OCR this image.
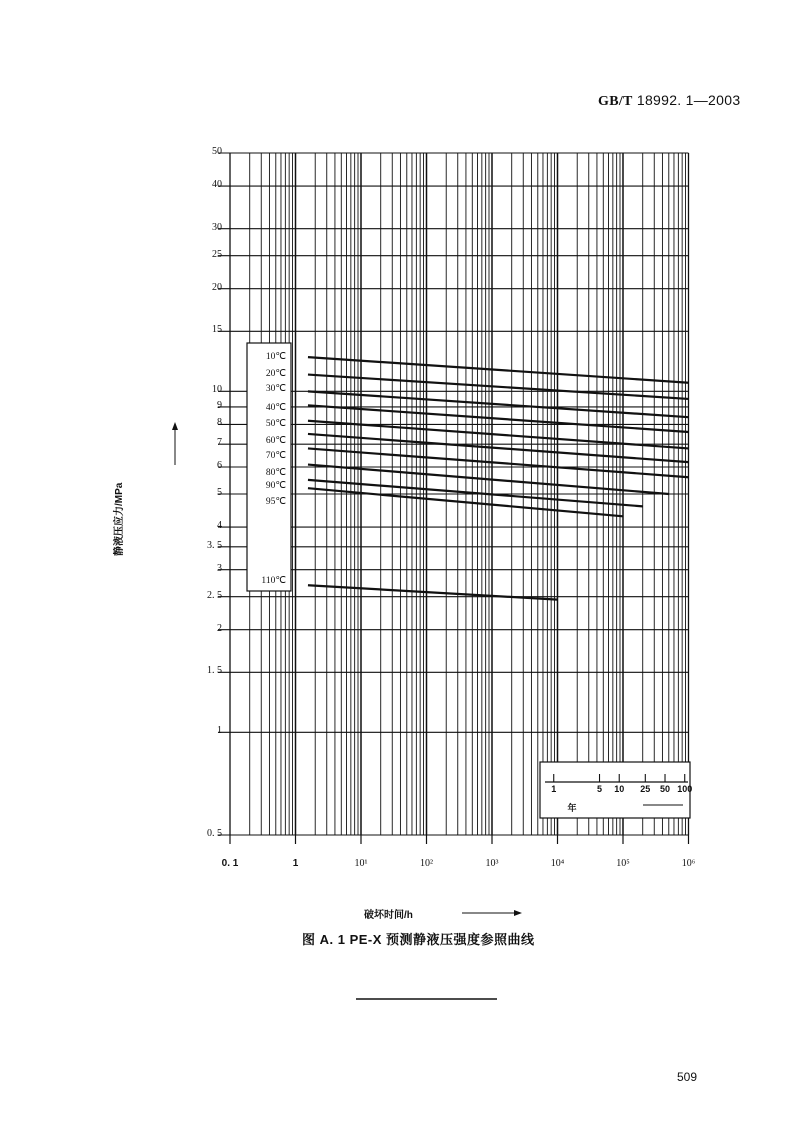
GB/T 18992. 1—2003
50
40
30
25
20
15
10
9
8
7
6
5
4
3. 5
3
2. 5
2
1. 5
1
0. 5
0. 1	1	10¹	10²	10³	10⁴	10⁵	10⁶
10℃
20℃
30℃
40℃
50℃
60℃
70℃
80℃
90℃
95℃
110℃
1	5 10 25 50 100
年
静液压应力/MPa
破坏时间/h
图 A. 1 PE-X 预测静液压强度参照曲线
509
